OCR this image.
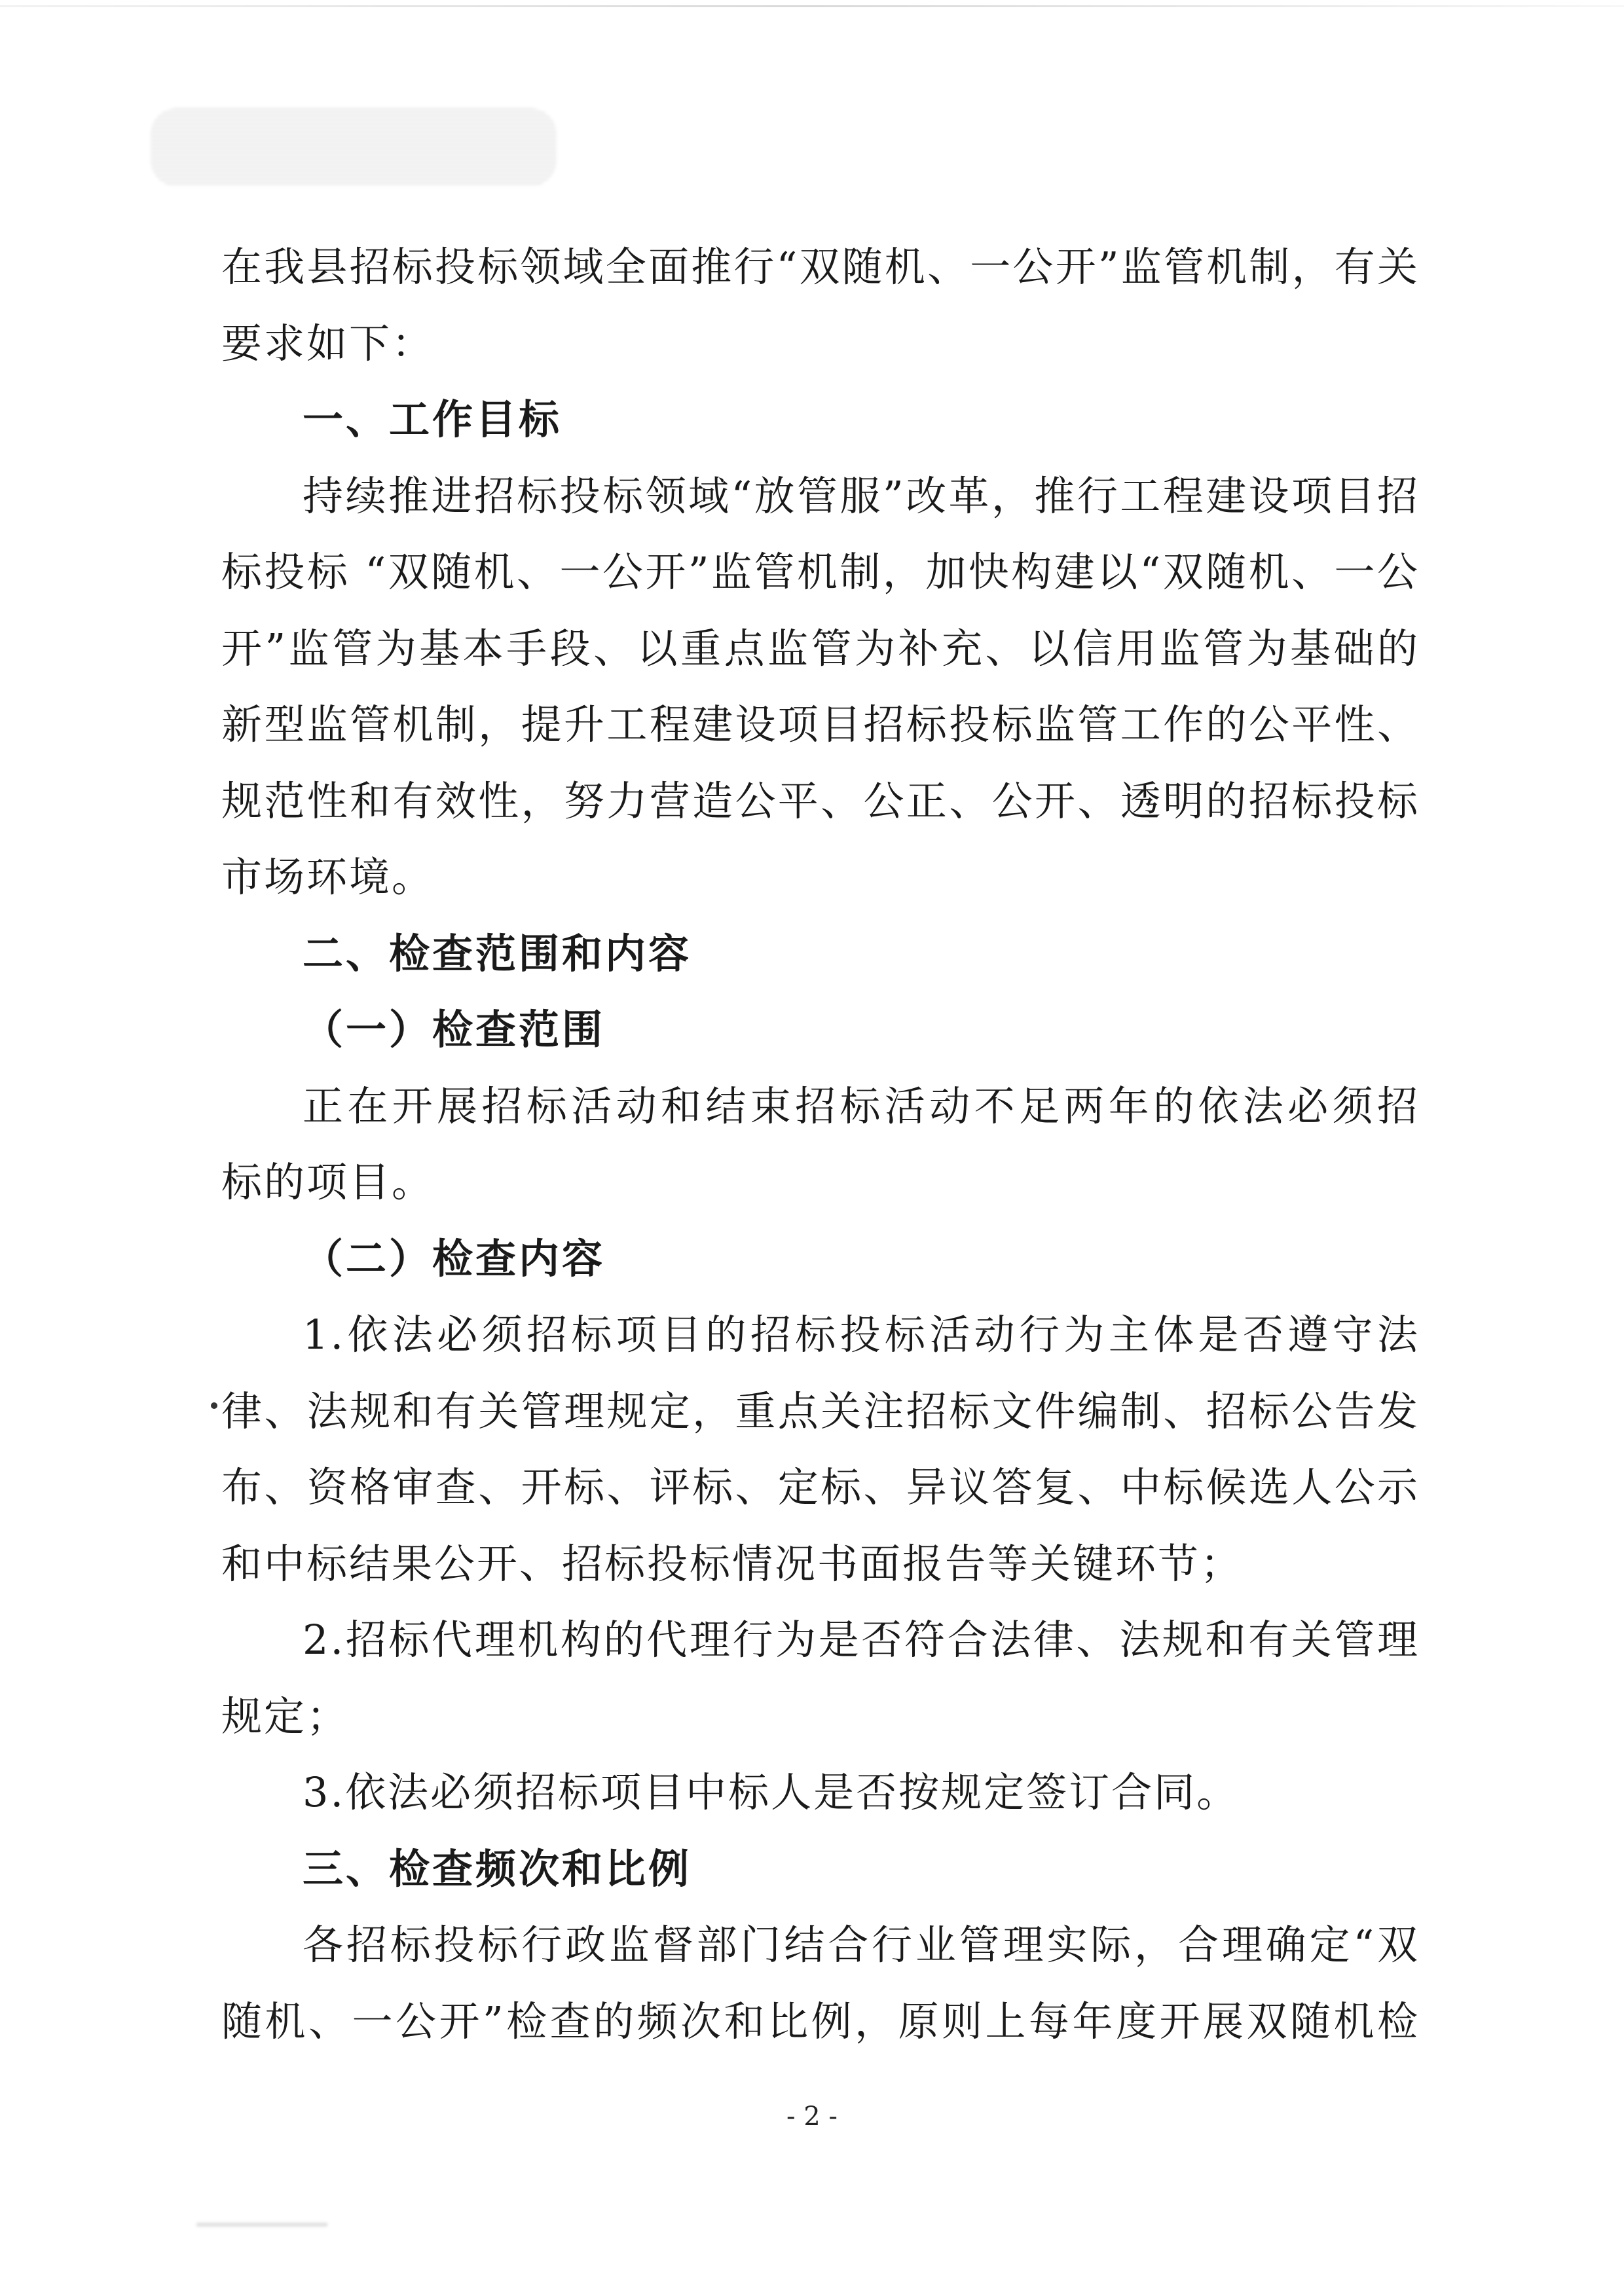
在我县招标投标领域全面推行“双随机、一公开”监管机制，有关
要求如下：
一、工作目标
持续推进招标投标领域“放管服”改革，推行工程建设项目招
标投标 “双随机、一公开”监管机制，加快构建以“双随机、一公
开”监管为基本手段、以重点监管为补充、以信用监管为基础的
新型监管机制，提升工程建设项目招标投标监管工作的公平性、
规范性和有效性，努力营造公平、公正、公开、透明的招标投标
市场环境。
二、检查范围和内容
（一）检查范围
正在开展招标活动和结束招标活动不足两年的依法必须招
标的项目。
（二）检查内容
1.依法必须招标项目的招标投标活动行为主体是否遵守法
律、法规和有关管理规定，重点关注招标文件编制、招标公告发
布、资格审查、开标、评标、定标、异议答复、中标候选人公示
和中标结果公开、招标投标情况书面报告等关键环节；
2.招标代理机构的代理行为是否符合法律、法规和有关管理
规定；
3.依法必须招标项目中标人是否按规定签订合同。
三、检查频次和比例
各招标投标行政监督部门结合行业管理实际，合理确定“双
随机、一公开”检查的频次和比例，原则上每年度开展双随机检
- 2 -
